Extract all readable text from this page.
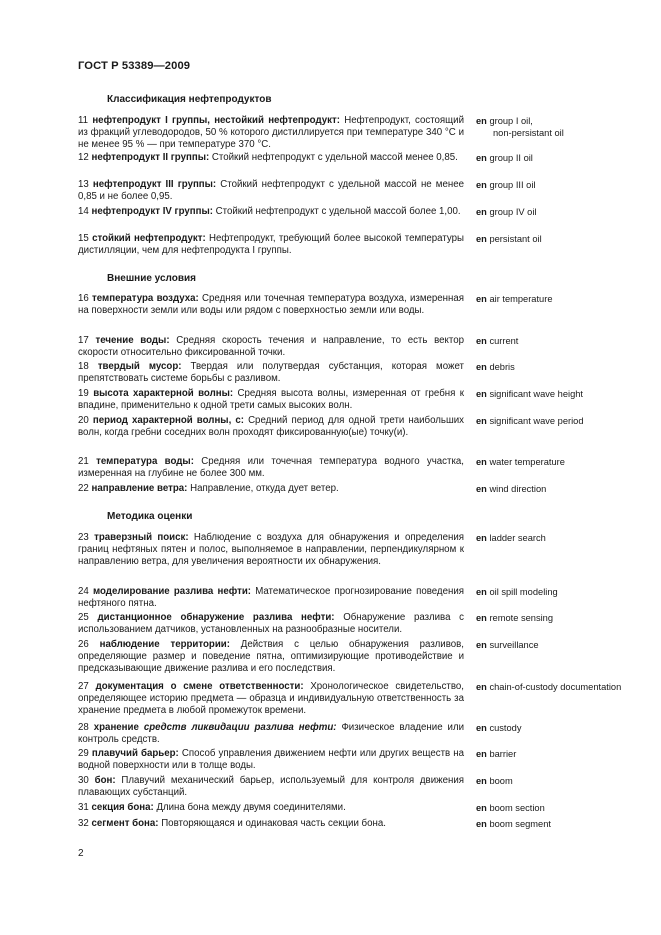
ГОСТ Р 53389—2009
Классификация нефтепродуктов
11 нефтепродукт I группы, нестойкий нефтепродукт: Нефтепродукт, состоящий из фракций углеводородов, 50 % которого дистиллируется при температуре 340 °C и не менее 95 % — при температуре 370 °C.
en group I oil,
non-persistant oil
12 нефтепродукт II группы: Стойкий нефтепродукт с удельной массой менее 0,85.	en group II oil
13 нефтепродукт III группы: Стойкий нефтепродукт с удельной массой не менее 0,85 и не более 0,95.
en group III oil
14 нефтепродукт IV группы: Стойкий нефтепродукт с удельной массой более 1,00.	en group IV oil
15 стойкий нефтепродукт: Нефтепродукт, требующий более высокой температуры дистилляции, чем для нефтепродукта I группы.
en persistant oil
Внешние условия
16 температура воздуха: Средняя или точечная температура воздуха, измеренная на поверхности земли или воды или рядом с поверхностью земли или воды.
en air temperature
17 течение воды: Средняя скорость течения и направление, то есть вектор скорости относительно фиксированной точки.
en current
18 твердый мусор: Твердая или полутвердая субстанция, которая может препятствовать системе борьбы с разливом.
en debris
19 высота характерной волны: Средняя высота волны, измеренная от гребня к впадине, применительно к одной трети самых высоких волн.
en significant wave height
20 период характерной волны, с: Средний период для одной трети наибольших волн, когда гребни соседних волн проходят фиксированную(ые) точку(и).
en significant wave period
21 температура воды: Средняя или точечная температура водного участка, измеренная на глубине не более 300 мм.
en water temperature
22 направление ветра: Направление, откуда дует ветер.	en wind direction
Методика оценки
23 траверзный поиск: Наблюдение с воздуха для обнаружения и определения границ нефтяных пятен и полос, выполняемое в направлении, перпендикулярном к направлению ветра, для увеличения вероятности их обнаружения.
en ladder search
24 моделирование разлива нефти: Математическое прогнозирование поведения нефтяного пятна.
en oil spill modeling
25 дистанционное обнаружение разлива нефти: Обнаружение разлива с использованием датчиков, установленных на разнообразные носители.
en remote sensing
26 наблюдение территории: Действия с целью обнаружения разливов, определяющие размер и поведение пятна, оптимизирующие противодействие и предсказывающие движение разлива и его последствия.
en surveillance
27 документация о смене ответственности: Хронологическое свидетельство, определяющее историю предмета — образца и индивидуальную ответственность за хранение предмета в любой промежуток времени.
en chain-of-custody documentation
28 хранение средств ликвидации разлива нефти: Физическое владение или контроль средств.
en custody
29 плавучий барьер: Способ управления движением нефти или других веществ на водной поверхности или в толще воды.
en barrier
30 бон: Плавучий механический барьер, используемый для контроля движения плавающих субстанций.
en boom
31 секция бона: Длина бона между двумя соединителями.	en boom section
32 сегмент бона: Повторяющаяся и одинаковая часть секции бона.	en boom segment
2
